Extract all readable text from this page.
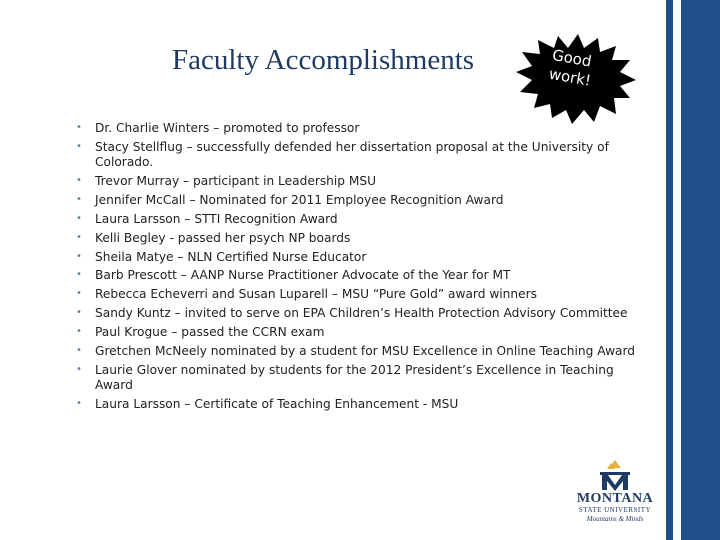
Faculty Accomplishments	Good
work!
• Dr. Charlie Winters – promoted to professor
• Stacy Stellflug – successfully defended her dissertation proposal at the University of Colorado.
• Trevor Murray – participant in Leadership MSU
• Jennifer McCall – Nominated for 2011 Employee Recognition Award
• Laura Larsson – STTI Recognition Award
• Kelli Begley - passed her psych NP boards
• Sheila Matye – NLN Certified Nurse Educator
• Barb Prescott – AANP Nurse Practitioner Advocate of the Year for MT
• Rebecca Echeverri and Susan Luparell – MSU “Pure Gold” award winners
• Sandy Kuntz – invited to serve on EPA Children’s Health Protection Advisory Committee
• Paul Krogue – passed the CCRN exam
• Gretchen McNeely nominated by a student for MSU Excellence in Online Teaching Award
• Laurie Glover nominated by students for the 2012 President’s Excellence in Teaching Award
• Laura Larsson – Certificate of Teaching Enhancement - MSU
MONTANA
STATE UNIVERSITY
Mountains & Minds
